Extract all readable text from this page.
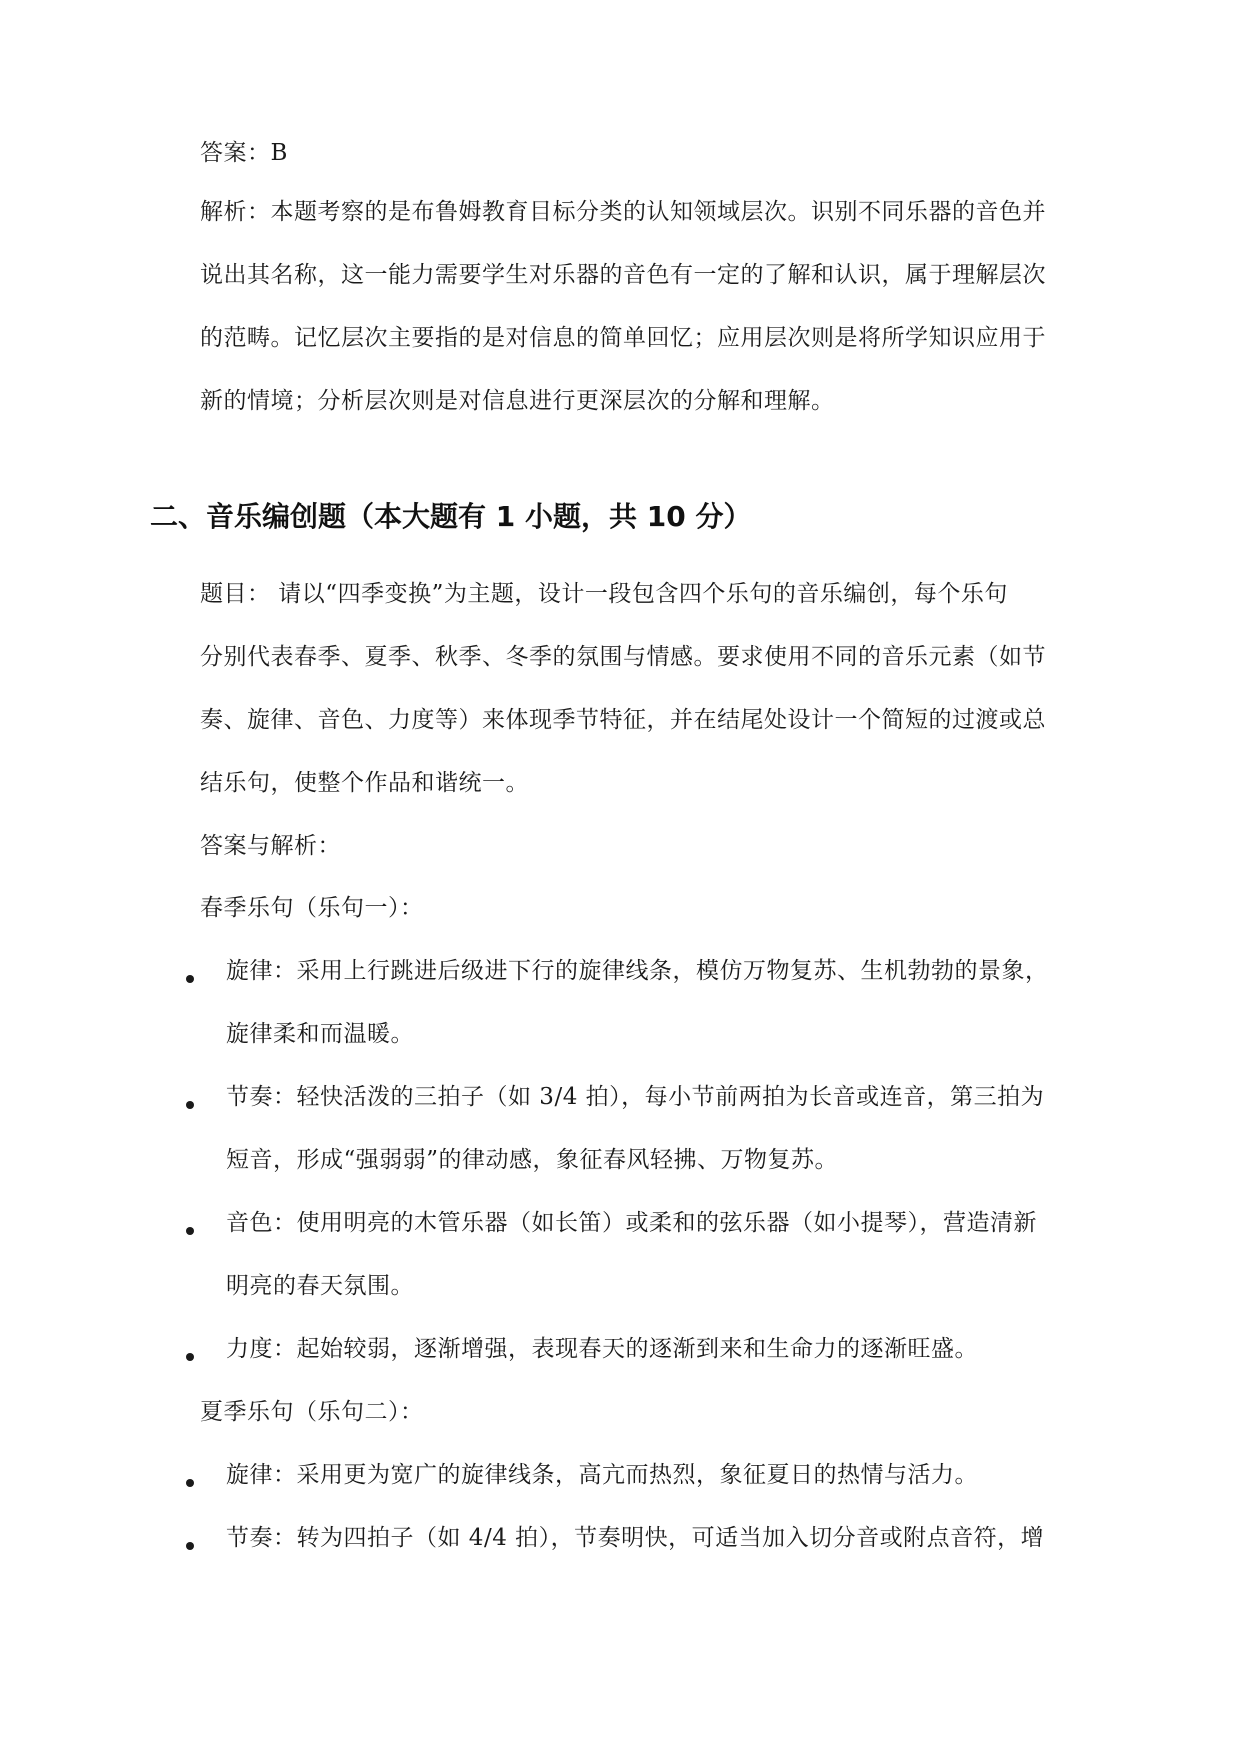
答案：B
解析：本题考察的是布鲁姆教育目标分类的认知领域层次。识别不同乐器的音色并
说出其名称，这一能力需要学生对乐器的音色有一定的了解和认识，属于理解层次
的范畴。记忆层次主要指的是对信息的简单回忆；应用层次则是将所学知识应用于
新的情境；分析层次则是对信息进行更深层次的分解和理解。
二、音乐编创题（本大题有 1 小题，共 10 分）
题目： 请以“四季变换”为主题，设计一段包含四个乐句的音乐编创，每个乐句
分别代表春季、夏季、秋季、冬季的氛围与情感。要求使用不同的音乐元素（如节
奏、旋律、音色、力度等）来体现季节特征，并在结尾处设计一个简短的过渡或总
结乐句，使整个作品和谐统一。
答案与解析：
春季乐句（乐句一）：
旋律：采用上行跳进后级进下行的旋律线条，模仿万物复苏、生机勃勃的景象，
旋律柔和而温暖。
节奏：轻快活泼的三拍子（如 3/4 拍），每小节前两拍为长音或连音，第三拍为
短音，形成“强弱弱”的律动感，象征春风轻拂、万物复苏。
音色：使用明亮的木管乐器（如长笛）或柔和的弦乐器（如小提琴），营造清新
明亮的春天氛围。
力度：起始较弱，逐渐增强，表现春天的逐渐到来和生命力的逐渐旺盛。
夏季乐句（乐句二）：
旋律：采用更为宽广的旋律线条，高亢而热烈，象征夏日的热情与活力。
节奏：转为四拍子（如 4/4 拍），节奏明快，可适当加入切分音或附点音符，增
